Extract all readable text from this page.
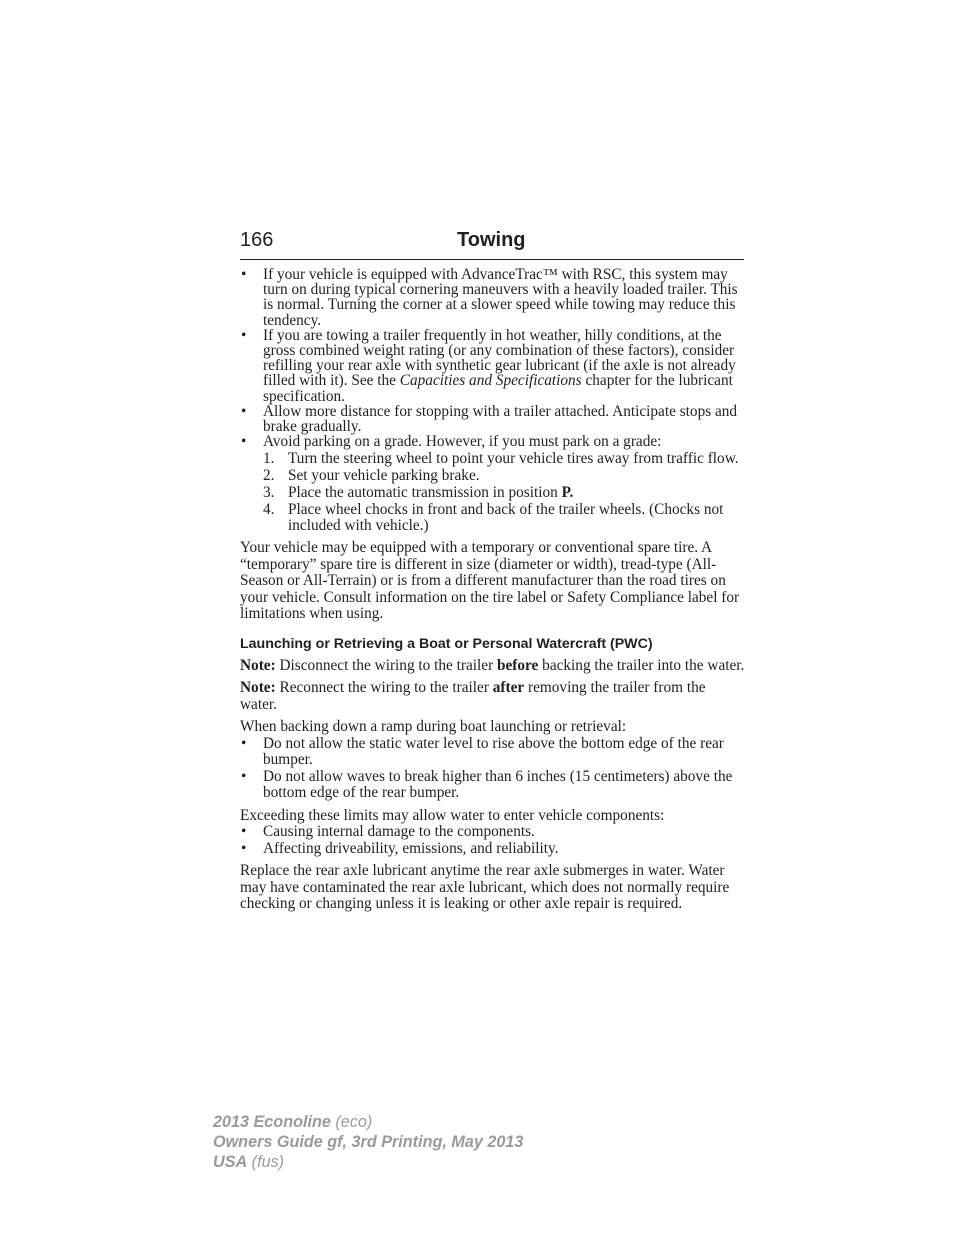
166	Towing
• If your vehicle is equipped with AdvanceTrac™ with RSC, this system may turn on during typical cornering maneuvers with a heavily loaded trailer. This is normal. Turning the corner at a slower speed while towing may reduce this tendency.
• If you are towing a trailer frequently in hot weather, hilly conditions, at the gross combined weight rating (or any combination of these factors), consider refilling your rear axle with synthetic gear lubricant (if the axle is not already filled with it). See the Capacities and Specifications chapter for the lubricant specification.
• Allow more distance for stopping with a trailer attached. Anticipate stops and brake gradually.
• Avoid parking on a grade. However, if you must park on a grade:
1. Turn the steering wheel to point your vehicle tires away from traffic flow.
2. Set your vehicle parking brake.
3. Place the automatic transmission in position P.
4. Place wheel chocks in front and back of the trailer wheels. (Chocks not included with vehicle.)

Your vehicle may be equipped with a temporary or conventional spare tire. A “temporary” spare tire is different in size (diameter or width), tread-type (All-Season or All-Terrain) or is from a different manufacturer than the road tires on your vehicle. Consult information on the tire label or Safety Compliance label for limitations when using.

Launching or Retrieving a Boat or Personal Watercraft (PWC)

Note: Disconnect the wiring to the trailer before backing the trailer into the water.

Note: Reconnect the wiring to the trailer after removing the trailer from the water.

When backing down a ramp during boat launching or retrieval:

• Do not allow the static water level to rise above the bottom edge of the rear bumper.
• Do not allow waves to break higher than 6 inches (15 centimeters) above the bottom edge of the rear bumper.

Exceeding these limits may allow water to enter vehicle components:

• Causing internal damage to the components.
• Affecting driveability, emissions, and reliability.

Replace the rear axle lubricant anytime the rear axle submerges in water. Water may have contaminated the rear axle lubricant, which does not normally require checking or changing unless it is leaking or other axle repair is required.

2013 Econoline (eco)
Owners Guide gf, 3rd Printing, May 2013
USA (fus)
